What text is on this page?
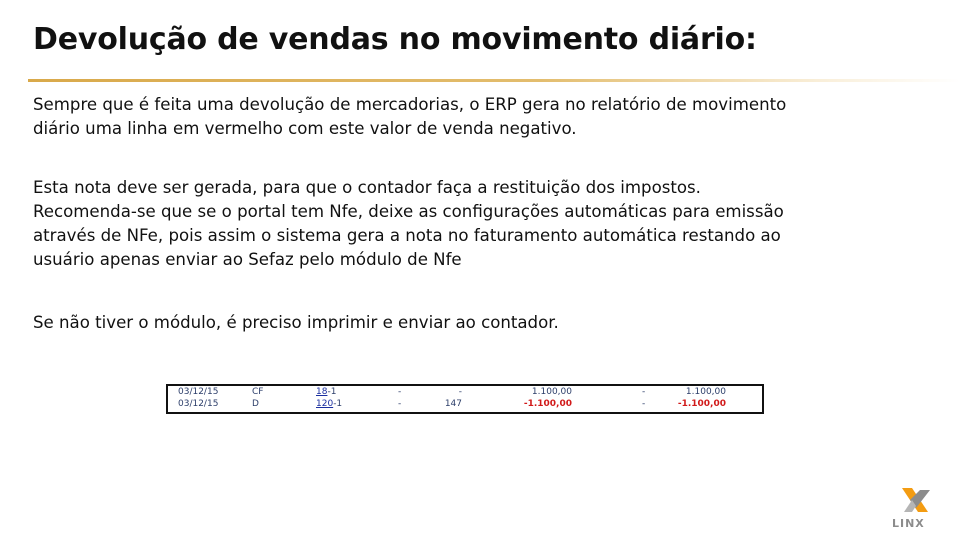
Devolução de vendas no movimento diário:

Sempre que é feita uma devolução de mercadorias, o ERP gera no relatório de movimento
diário uma linha em vermelho com este valor de venda negativo.

Esta nota deve ser gerada, para que o contador faça a restituição dos impostos.
Recomenda-se que se o portal tem Nfe, deixe as configurações automáticas para emissão
através de NFe, pois assim o sistema gera a nota no faturamento automática restando ao
usuário apenas enviar ao Sefaz pelo módulo de Nfe

Se não tiver o módulo, é preciso imprimir e enviar ao contador.

03/12/15	CF	18-1	-	-	1.100,00	-	1.100,00
03/12/15	D	120-1	-	147	-1.100,00	-	-1.100,00
LINX
